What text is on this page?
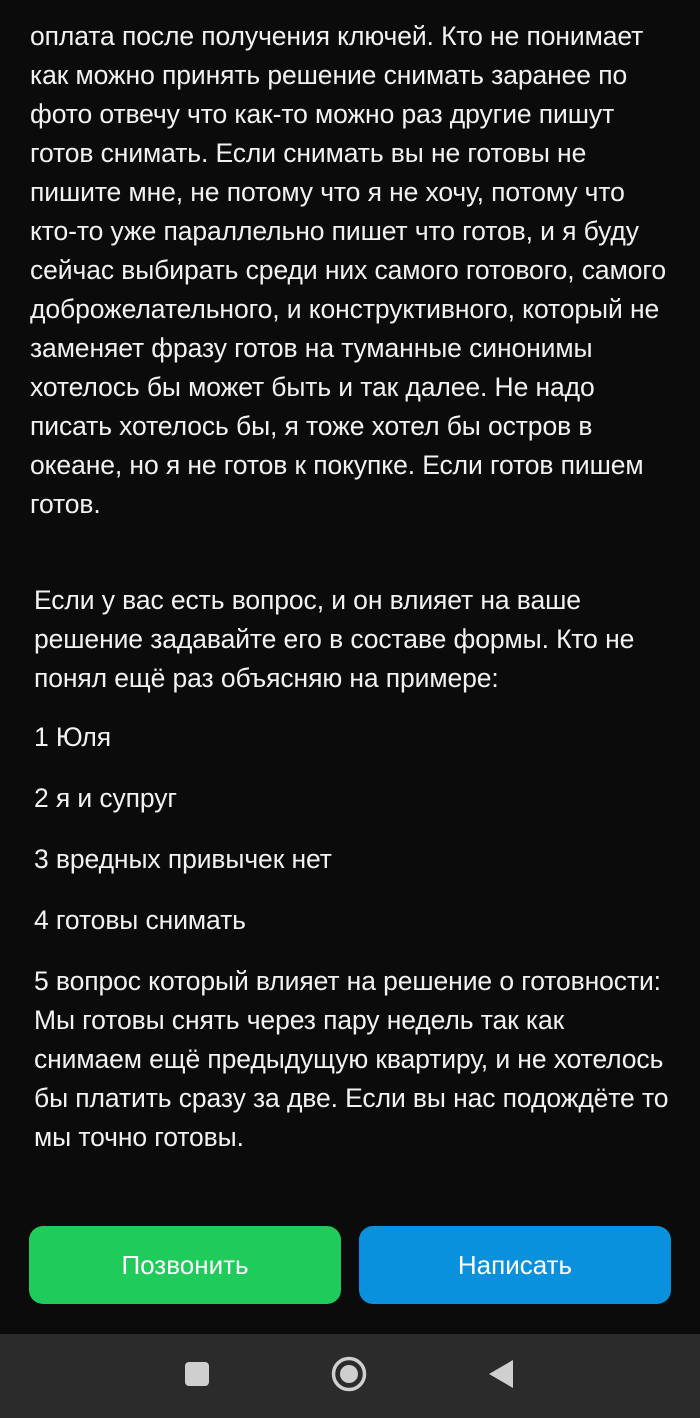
оплата после получения ключей. Кто не понимает как можно принять решение снимать заранее по фото отвечу что как-то можно раз другие пишут готов снимать. Если снимать вы не готовы не пишите мне, не потому что я не хочу, потому что кто-то уже параллельно пишет что готов, и я буду сейчас выбирать среди них самого готового, самого доброжелательного, и конструктивного, который не заменяет фразу готов на туманные синонимы хотелось бы может быть и так далее. Не надо писать хотелось бы, я тоже хотел бы остров в океане, но я не готов к покупке. Если готов пишем готов.

Если у вас есть вопрос, и он влияет на ваше решение задавайте его в составе формы. Кто не понял ещё раз объясняю на примере:

1 Юля

2 я и супруг

3 вредных привычек нет

4 готовы снимать

5 вопрос который влияет на решение о готовности: Мы готовы снять через пару недель так как снимаем ещё предыдущую квартиру, и не хотелось бы платить сразу за две. Если вы нас подождёте то мы точно готовы.

Позвонить	Написать
